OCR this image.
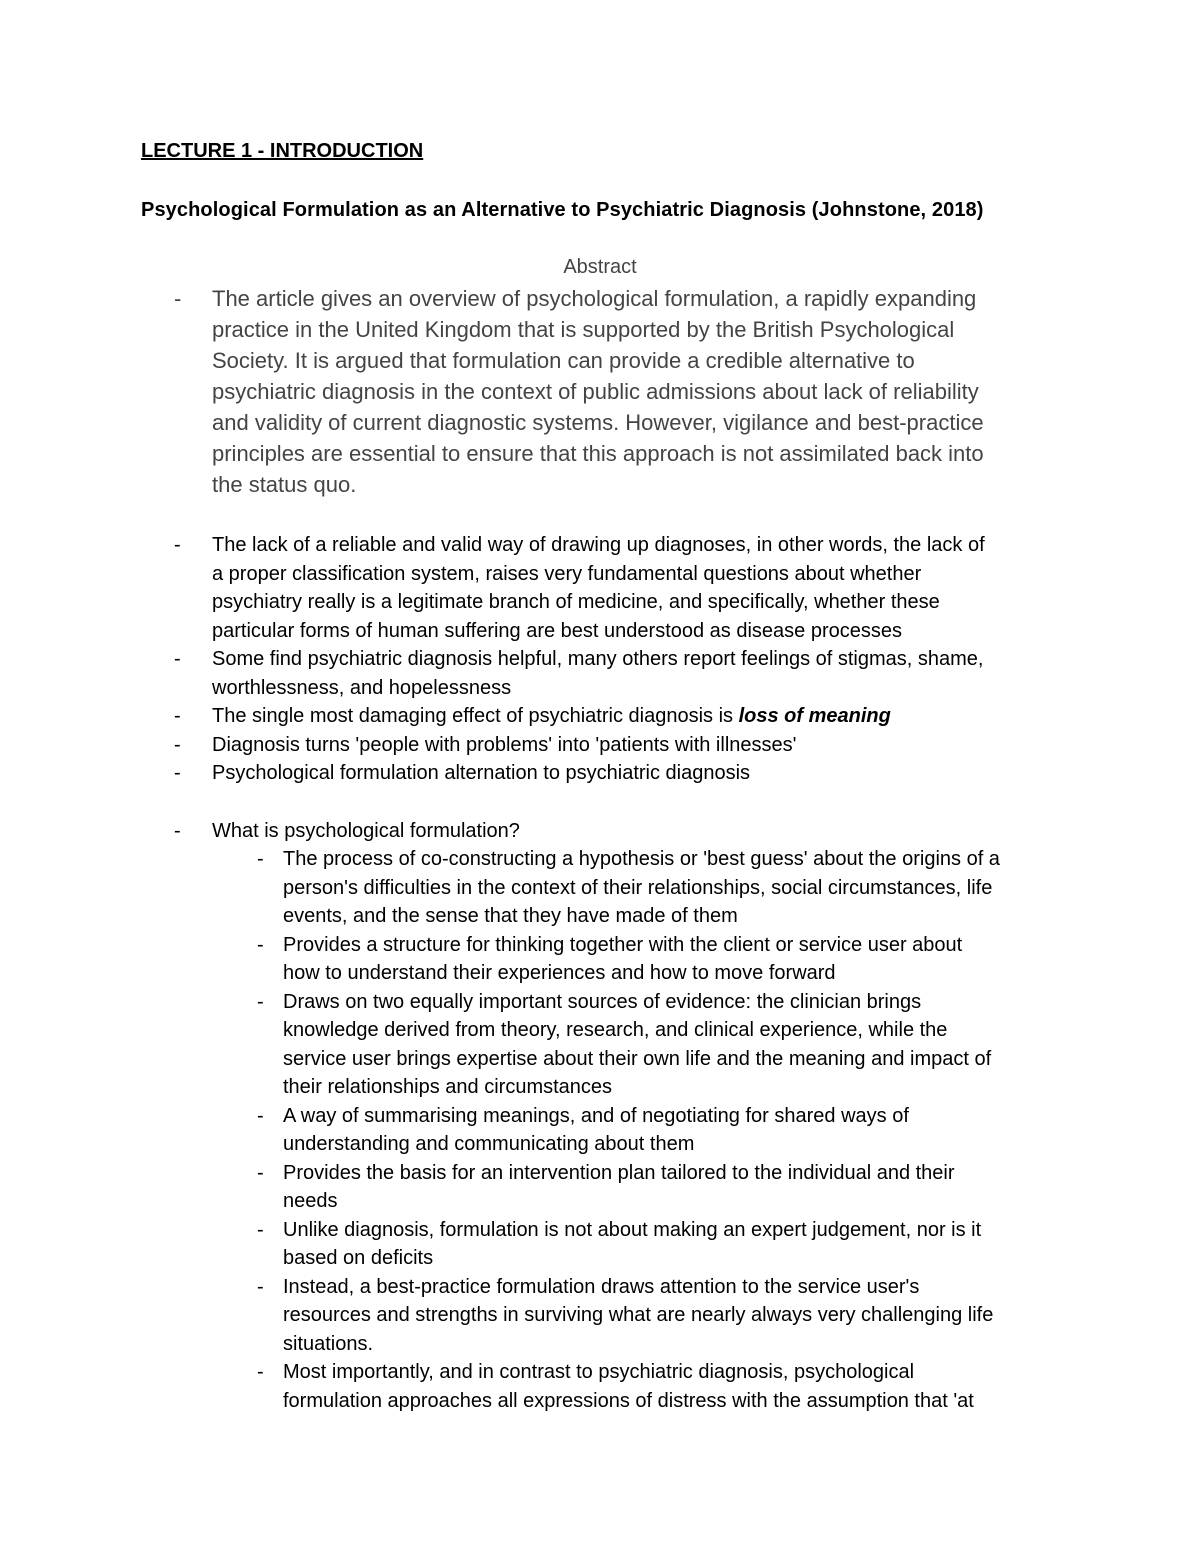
LECTURE 1 - INTRODUCTION
Psychological Formulation as an Alternative to Psychiatric Diagnosis (Johnstone, 2018)
Abstract
-	The article gives an overview of psychological formulation, a rapidly expanding
practice in the United Kingdom that is supported by the British Psychological
Society. It is argued that formulation can provide a credible alternative to
psychiatric diagnosis in the context of public admissions about lack of reliability
and validity of current diagnostic systems. However, vigilance and best-practice
principles are essential to ensure that this approach is not assimilated back into
the status quo.
- The lack of a reliable and valid way of drawing up diagnoses, in other words, the lack of
a proper classification system, raises very fundamental questions about whether
psychiatry really is a legitimate branch of medicine, and specifically, whether these
particular forms of human suffering are best understood as disease processes
- Some find psychiatric diagnosis helpful, many others report feelings of stigmas, shame,
worthlessness, and hopelessness
- The single most damaging effect of psychiatric diagnosis is loss of meaning
- Diagnosis turns 'people with problems' into 'patients with illnesses'
- Psychological formulation alternation to psychiatric diagnosis
- What is psychological formulation?
- The process of co-constructing a hypothesis or 'best guess' about the origins of a
person's difficulties in the context of their relationships, social circumstances, life
events, and the sense that they have made of them
- Provides a structure for thinking together with the client or service user about
how to understand their experiences and how to move forward
- Draws on two equally important sources of evidence: the clinician brings
knowledge derived from theory, research, and clinical experience, while the
service user brings expertise about their own life and the meaning and impact of
their relationships and circumstances
- A way of summarising meanings, and of negotiating for shared ways of
understanding and communicating about them
- Provides the basis for an intervention plan tailored to the individual and their
needs
- Unlike diagnosis, formulation is not about making an expert judgement, nor is it
based on deficits
- Instead, a best-practice formulation draws attention to the service user's
resources and strengths in surviving what are nearly always very challenging life
situations.
- Most importantly, and in contrast to psychiatric diagnosis, psychological
formulation approaches all expressions of distress with the assumption that 'at
